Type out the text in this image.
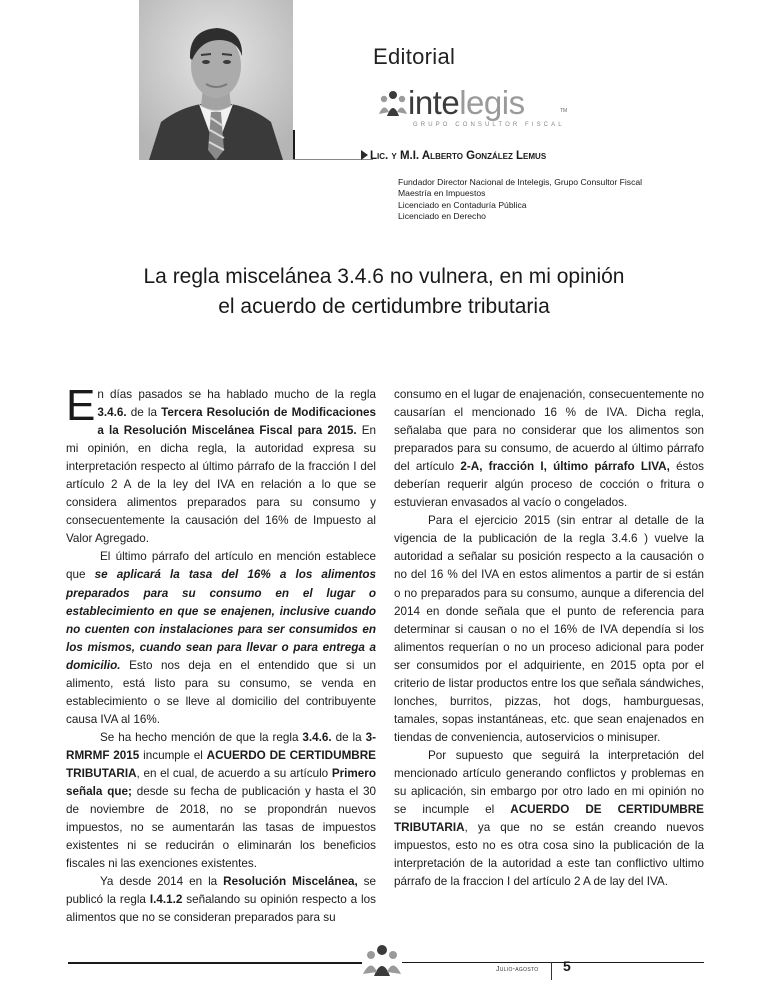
Editorial
intelegis	TM
GRUPO CONSULTOR FISCAL
Lic. y M.I. Alberto González Lemus
Fundador Director Nacional de Intelegis, Grupo Consultor Fiscal
Maestría en Impuestos
Licenciado en Contaduría Pública
Licenciado en Derecho
La regla miscelánea 3.4.6 no vulnera, en mi opinión
el acuerdo de certidumbre tributaria

En días pasados se ha hablado mucho de la regla 3.4.6. de la Tercera Resolución de Modificaciones a la Resolución Miscelánea Fiscal para 2015. En mi opinión, en dicha regla, la autoridad expresa su interpretación respecto al último párrafo de la fracción I del artículo 2 A de la ley del IVA en relación a lo que se considera alimentos preparados para su consumo y consecuentemente la causación del 16% de Impuesto al Valor Agregado.

El último párrafo del artículo en mención establece que se aplicará la tasa del 16% a los alimentos preparados para su consumo en el lugar o establecimiento en que se enajenen, inclusive cuando no cuenten con instalaciones para ser consumidos en los mismos, cuando sean para llevar o para entrega a domicilio. Esto nos deja en el entendido que si un alimento, está listo para su consumo, se venda en establecimiento o se lleve al domicilio del contribuyente causa IVA al 16%.

Se ha hecho mención de que la regla 3.4.6. de la 3-RMRMF 2015 incumple el ACUERDO DE CERTIDUMBRE TRIBUTARIA, en el cual, de acuerdo a su artículo Primero señala que; desde su fecha de publicación y hasta el 30 de noviembre de 2018, no se propondrán nuevos impuestos, no se aumentarán las tasas de impuestos existentes ni se reducirán o eliminarán los beneficios fiscales ni las exenciones existentes.

Ya desde 2014 en la Resolución Miscelánea, se publicó la regla I.4.1.2 señalando su opinión respecto a los alimentos que no se consideran preparados para su

consumo en el lugar de enajenación, consecuentemente no causarían el mencionado 16 % de IVA. Dicha regla, señalaba que para no considerar que los alimentos son preparados para su consumo, de acuerdo al último párrafo del artículo 2-A, fracción I, último párrafo LIVA, éstos deberían requerir algún proceso de cocción o fritura o estuvieran envasados al vacío o congelados.

Para el ejercicio 2015 (sin entrar al detalle de la vigencia de la publicación de la regla 3.4.6 ) vuelve la autoridad a señalar su posición respecto a la causación o no del 16 % del IVA en estos alimentos a partir de si están o no preparados para su consumo, aunque a diferencia del 2014 en donde señala que el punto de referencia para determinar si causan o no el 16% de IVA dependía si los alimentos requerían o no un proceso adicional para poder ser consumidos por el adquiriente, en 2015 opta por el criterio de listar productos entre los que señala sándwiches, lonches, burritos, pizzas, hot dogs, hamburguesas, tamales, sopas instantáneas, etc. que sean enajenados en tiendas de conveniencia, autoservicios o minisuper.

Por supuesto que seguirá la interpretación del mencionado artículo generando conflictos y problemas en su aplicación, sin embargo por otro lado en mi opinión no se incumple el ACUERDO DE CERTIDUMBRE TRIBUTARIA, ya que no se están creando nuevos impuestos, esto no es otra cosa sino la publicación de la interpretación de la autoridad a este tan conflictivo ultimo párrafo de la fraccion I del artículo 2 A de lay del IVA.

Julio-agosto 5
